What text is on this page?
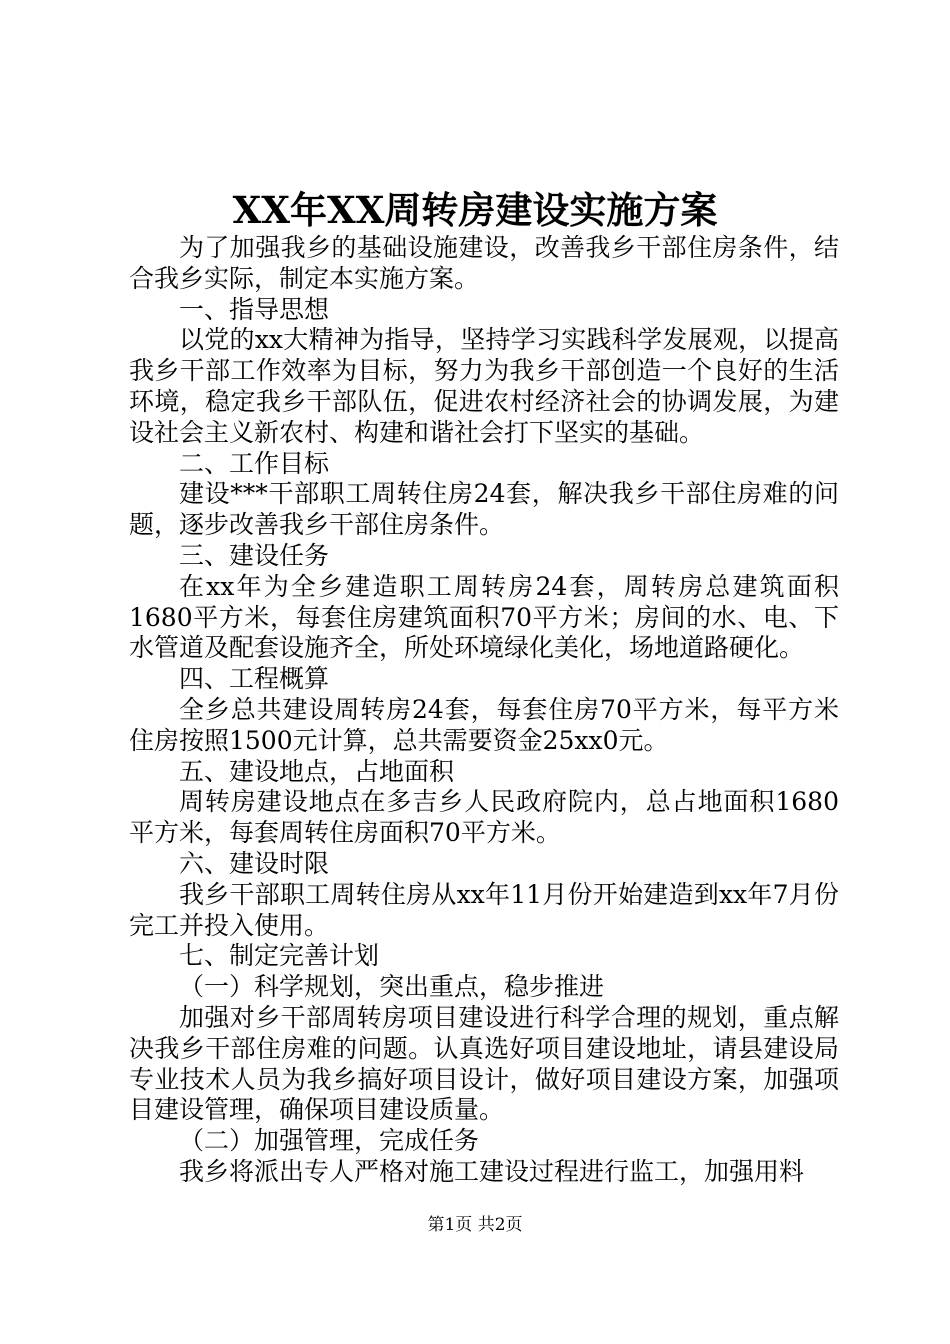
XX年XX周转房建设实施方案

为了加强我乡的基础设施建设，改善我乡干部住房条件，结合我乡实际，制定本实施方案。

一、指导思想

以党的xx大精神为指导，坚持学习实践科学发展观，以提高我乡干部工作效率为目标，努力为我乡干部创造一个良好的生活环境，稳定我乡干部队伍，促进农村经济社会的协调发展，为建设社会主义新农村、构建和谐社会打下坚实的基础。

二、工作目标

建设***干部职工周转住房24套，解决我乡干部住房难的问题，逐步改善我乡干部住房条件。

三、建设任务

在xx年为全乡建造职工周转房24套，周转房总建筑面积1680平方米，每套住房建筑面积70平方米；房间的水、电、下水管道及配套设施齐全，所处环境绿化美化，场地道路硬化。

四、工程概算

全乡总共建设周转房24套，每套住房70平方米，每平方米住房按照1500元计算，总共需要资金25xx0元。

五、建设地点，占地面积

周转房建设地点在多吉乡人民政府院内，总占地面积1680平方米，每套周转住房面积70平方米。

六、建设时限

我乡干部职工周转住房从xx年11月份开始建造到xx年7月份完工并投入使用。

七、制定完善计划

（一）科学规划，突出重点，稳步推进

加强对乡干部周转房项目建设进行科学合理的规划，重点解决我乡干部住房难的问题。认真选好项目建设地址，请县建设局专业技术人员为我乡搞好项目设计，做好项目建设方案，加强项目建设管理，确保项目建设质量。

（二）加强管理，完成任务

我乡将派出专人严格对施工建设过程进行监工，加强用料

第1页 共2页
